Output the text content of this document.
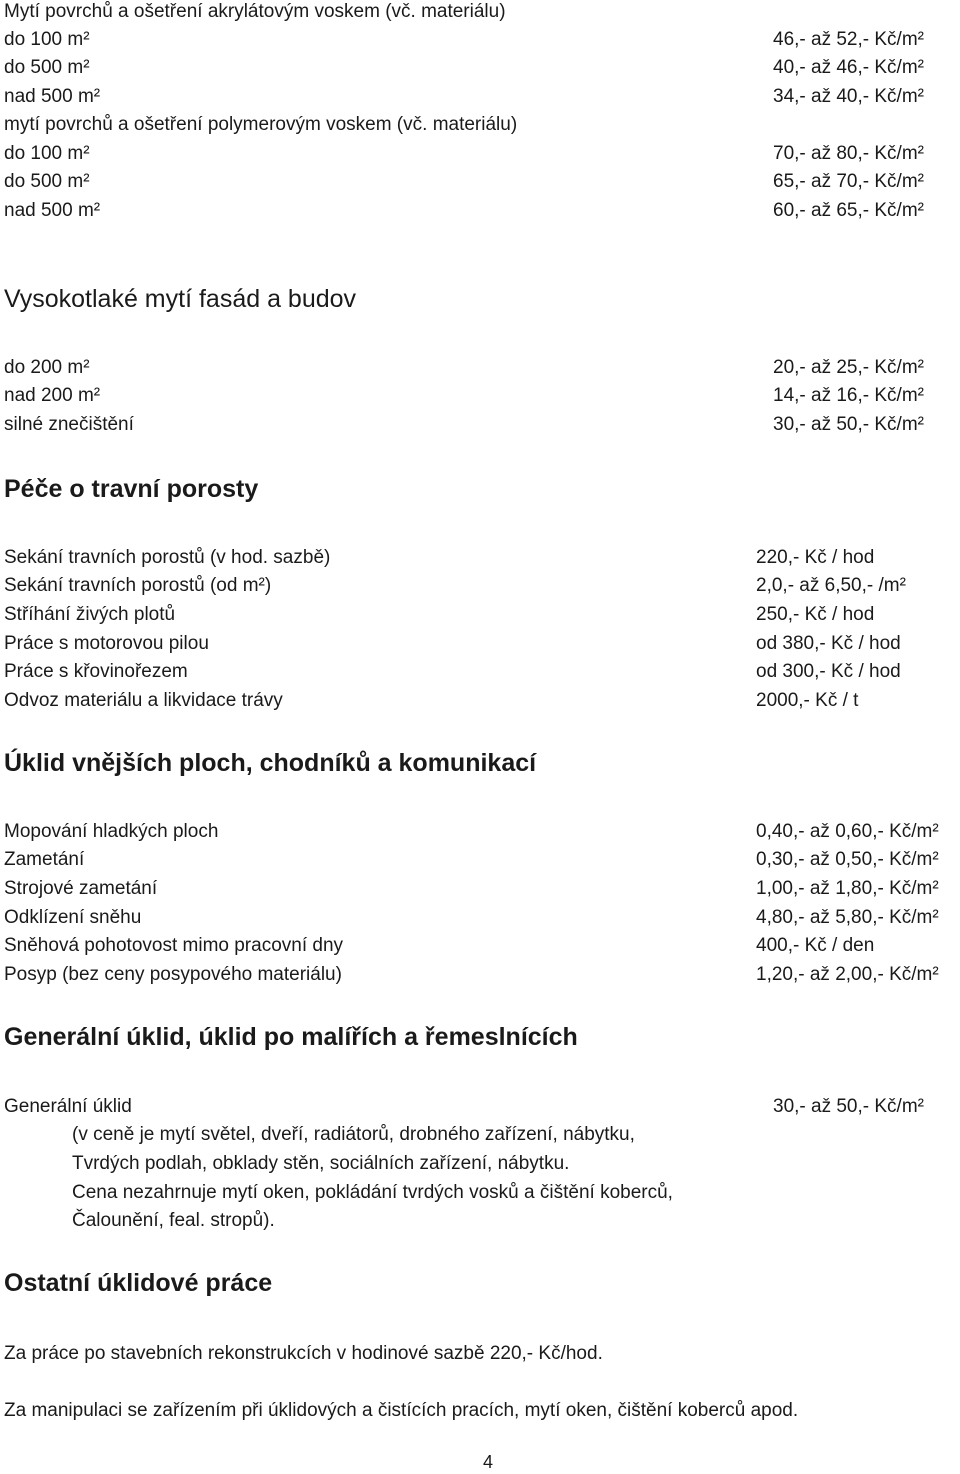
Mytí povrchů a ošetření akrylátovým voskem (vč. materiálu)
do 100 m²	46,- až 52,- Kč/m²
do 500 m²	40,- až 46,- Kč/m²
nad 500 m²	34,- až 40,- Kč/m²
mytí povrchů a ošetření polymerovým voskem (vč. materiálu)
do 100 m²	70,- až 80,- Kč/m²
do 500 m²	65,- až 70,- Kč/m²
nad 500 m²	60,- až 65,- Kč/m²
Vysokotlaké mytí fasád a budov
do 200 m²	20,- až 25,- Kč/m²
nad 200 m²	14,- až 16,- Kč/m²
silné znečištění	30,- až 50,- Kč/m²
Péče o travní porosty
Sekání travních porostů (v hod. sazbě)	220,- Kč / hod
Sekání travních porostů (od m²)	2,0,- až 6,50,- /m²
Stříhání živých plotů	250,- Kč / hod
Práce s motorovou pilou	od 380,- Kč / hod
Práce s křovinořezem	od 300,- Kč / hod
Odvoz materiálu a likvidace trávy	2000,- Kč / t
Úklid vnějších ploch, chodníků a komunikací
Mopování hladkých ploch	0,40,- až 0,60,- Kč/m²
Zametání	0,30,- až 0,50,- Kč/m²
Strojové zametání	1,00,- až 1,80,- Kč/m²
Odklízení sněhu	4,80,- až 5,80,- Kč/m²
Sněhová pohotovost mimo pracovní dny	400,- Kč / den
Posyp (bez ceny posypového materiálu)	1,20,- až 2,00,- Kč/m²
Generální úklid, úklid po malířích a řemeslnících
Generální úklid	30,- až 50,- Kč/m²
(v ceně je mytí světel, dveří, radiátorů, drobného zařízení, nábytku,
Tvrdých podlah, obklady stěn, sociálních zařízení, nábytku.
Cena nezahrnuje mytí oken, pokládání tvrdých vosků a čištění koberců,
Čalounění, feal. stropů).
Ostatní úklidové práce
Za práce po stavebních rekonstrukcích v hodinové sazbě 220,- Kč/hod.
Za manipulaci se zařízením při úklidových a čistících pracích, mytí oken, čištění koberců apod.
4
